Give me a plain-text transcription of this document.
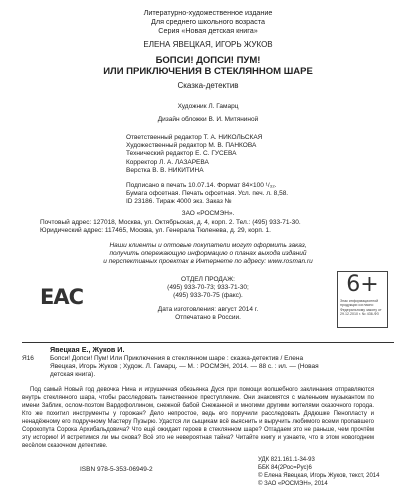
Литературно-художественное издание
Для среднего школьного возраста
Серия «Новая детская книга»
ЕЛЕНА ЯВЕЦКАЯ, ИГОРЬ ЖУКОВ
БОПСИ! ДОПСИ! ПУМ!
ИЛИ ПРИКЛЮЧЕНИЯ В СТЕКЛЯННОМ ШАРЕ
Сказка-детектив
Художник Л. Гамарц
Дизайн обложки В. И. Митяниной
Ответственный редактор Т. А. НИКОЛЬСКАЯ
Художественный редактор М. В. ПАНКОВА
Технический редактор Е. С. ГУСЕВА
Корректор Л. А. ЛАЗАРЕВА
Верстка В. В. НИКИТИНА
Подписано в печать 10.07.14. Формат 84×100 ¹/₃₂.
Бумага офсетная. Печать офсетная. Усл. печ. л. 8,58.
ID 23186. Тираж 4000 экз. Заказ №
ЗАО «РОСМЭН».
Почтовый адрес: 127018, Москва, ул. Октябрьская, д. 4, корп. 2. Тел.: (495) 933-71-30.
Юридический адрес: 117465, Москва, ул. Генерала Тюленева, д. 29, корп. 1.
Наши клиенты и оптовые покупатели могут оформить заказ,
получить опережающую информацию о планах выхода изданий
и перспективных проектах в Интернете по адресу: www.rosman.ru
EAC
ОТДЕЛ ПРОДАЖ:
(495) 933-70-73; 933-71-30;
(495) 933-70-75 (факс).
Дата изготовления: август 2014 г.
Отпечатано в России.
6+
Знак информационной продукции согласно Федеральному закону от 29.12.2010 г. № 436-ФЗ
Явецкая Е., Жуков И.
Я16 Бопси! Допси! Пум! Или Приключения в стеклянном шаре : сказка-детектив / Елена
Явецкая, Игорь Жуков ; Худож. Л. Гамарц. — М. : РОСМЭН, 2014. — 88 с. : ил. — (Новая
детская книга).
Под самый Новый год девочка Нина и игрушечная обезьянка Дуся при помощи волшебного заклинания отправляются внутрь стеклянного шара, чтобы расследовать таинственное преступление. Они знакомятся с маленьким музыкантом по имени Заблик, ослом-поэтом Вардофоллином, снежной бабой Снежанной и многими другими жителями сказочного города. Кто же похитил инструменты у горожан? Дело непростое, ведь его поручили расследовать Дядюшке Пенопласту и ненадёжному его подручному Мастеру Пузырю. Удастся ли сыщикам всё выяснить и выручить любимого всеми пропавшего Сорокопута Сорока Архибальдовича? Что ещё ожидает героев в стеклянном шаре? Отгадаем это не раньше, чем прочтём эту историю! И встретимся ли мы снова? Всё это не невероятная тайна? Читайте книгу и узнаете, что в этом новогоднем весёлом сказочном детективе.
ISBN 978-5-353-06949-2
УДК 821.161.1-34-93
ББК 84(2Рос=Рус)6
© Елена Явецкая, Игорь Жуков, текст, 2014
© ЗАО «РОСМЭН», 2014
